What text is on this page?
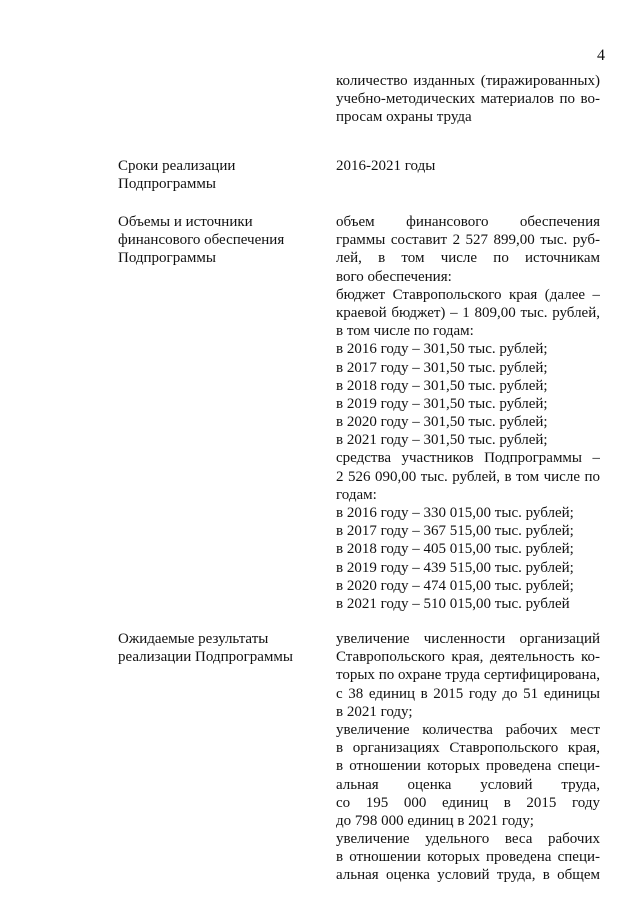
4
количество изданных (тиражированных)
учебно-методических материалов по во-
просам охраны труда
Сроки реализации
Подпрограммы
2016-2021 годы
Объемы и источники
финансового обеспечения
Подпрограммы
объем финансового обеспечения
граммы составит 2 527 899,00 тыс. руб-
лей, в том числе по источникам
вого обеспечения:
бюджет Ставропольского края (далее –
краевой бюджет) – 1 809,00 тыс. рублей,
в том числе по годам:
в 2016 году – 301,50 тыс. рублей;
в 2017 году – 301,50 тыс. рублей;
в 2018 году – 301,50 тыс. рублей;
в 2019 году – 301,50 тыс. рублей;
в 2020 году – 301,50 тыс. рублей;
в 2021 году – 301,50 тыс. рублей;
средства участников Подпрограммы –
2 526 090,00 тыс. рублей, в том числе по
годам:
в 2016 году – 330 015,00 тыс. рублей;
в 2017 году – 367 515,00 тыс. рублей;
в 2018 году – 405 015,00 тыс. рублей;
в 2019 году – 439 515,00 тыс. рублей;
в 2020 году – 474 015,00 тыс. рублей;
в 2021 году – 510 015,00 тыс. рублей
Ожидаемые результаты
реализации Подпрограммы
увеличение численности организаций
Ставропольского края, деятельность ко-
торых по охране труда сертифицирована,
с 38 единиц в 2015 году до 51 единицы
в 2021 году;
увеличение количества рабочих мест
в организациях Ставропольского края,
в отношении которых проведена специ-
альная оценка условий труда,
со 195 000 единиц в 2015 году
до 798 000 единиц в 2021 году;
увеличение удельного веса рабочих
в отношении которых проведена специ-
альная оценка условий труда, в общем
